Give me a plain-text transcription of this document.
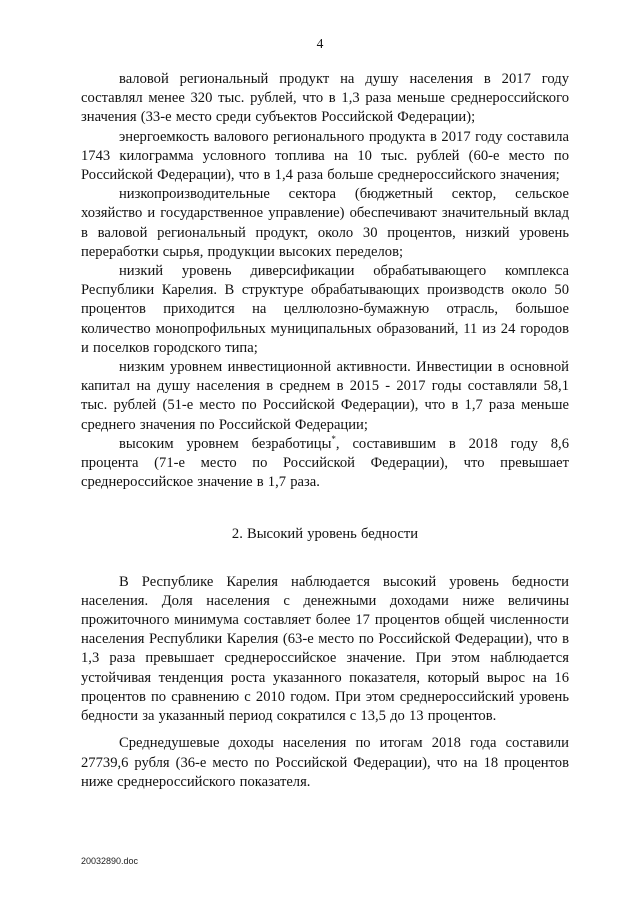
4

валовой региональный продукт на душу населения в 2017 году составлял менее 320 тыс. рублей, что в 1,3 раза меньше среднероссийского значения (33-е место среди субъектов Российской Федерации);

энергоемкость валового регионального продукта в 2017 году составила 1743 килограмма условного топлива на 10 тыс. рублей (60-е место по Российской Федерации), что в 1,4 раза больше среднероссийского значения;

низкопроизводительные сектора (бюджетный сектор, сельское хозяйство и государственное управление) обеспечивают значительный вклад в валовой региональный продукт, около 30 процентов, низкий уровень переработки сырья, продукции высоких переделов;

низкий уровень диверсификации обрабатывающего комплекса Республики Карелия. В структуре обрабатывающих производств около 50 процентов приходится на целлюлозно-бумажную отрасль, большое количество монопрофильных муниципальных образований, 11 из 24 городов и поселков городского типа;

низким уровнем инвестиционной активности. Инвестиции в основной капитал на душу населения в среднем в 2015 - 2017 годы составляли 58,1 тыс. рублей (51-е место по Российской Федерации), что в 1,7 раза меньше среднего значения по Российской Федерации;

высоким уровнем безработицы*, составившим в 2018 году 8,6 процента (71-е место по Российской Федерации), что превышает среднероссийское значение в 1,7 раза.

2. Высокий уровень бедности

В Республике Карелия наблюдается высокий уровень бедности населения. Доля населения с денежными доходами ниже величины прожиточного минимума составляет более 17 процентов общей численности населения Республики Карелия (63-е место по Российской Федерации), что в 1,3 раза превышает среднероссийское значение. При этом наблюдается устойчивая тенденция роста указанного показателя, который вырос на 16 процентов по сравнению с 2010 годом. При этом среднероссийский уровень бедности за указанный период сократился с 13,5 до 13 процентов.

Среднедушевые доходы населения по итогам 2018 года составили 27739,6 рубля (36-е место по Российской Федерации), что на 18 процентов ниже среднероссийского показателя.

20032890.doc
